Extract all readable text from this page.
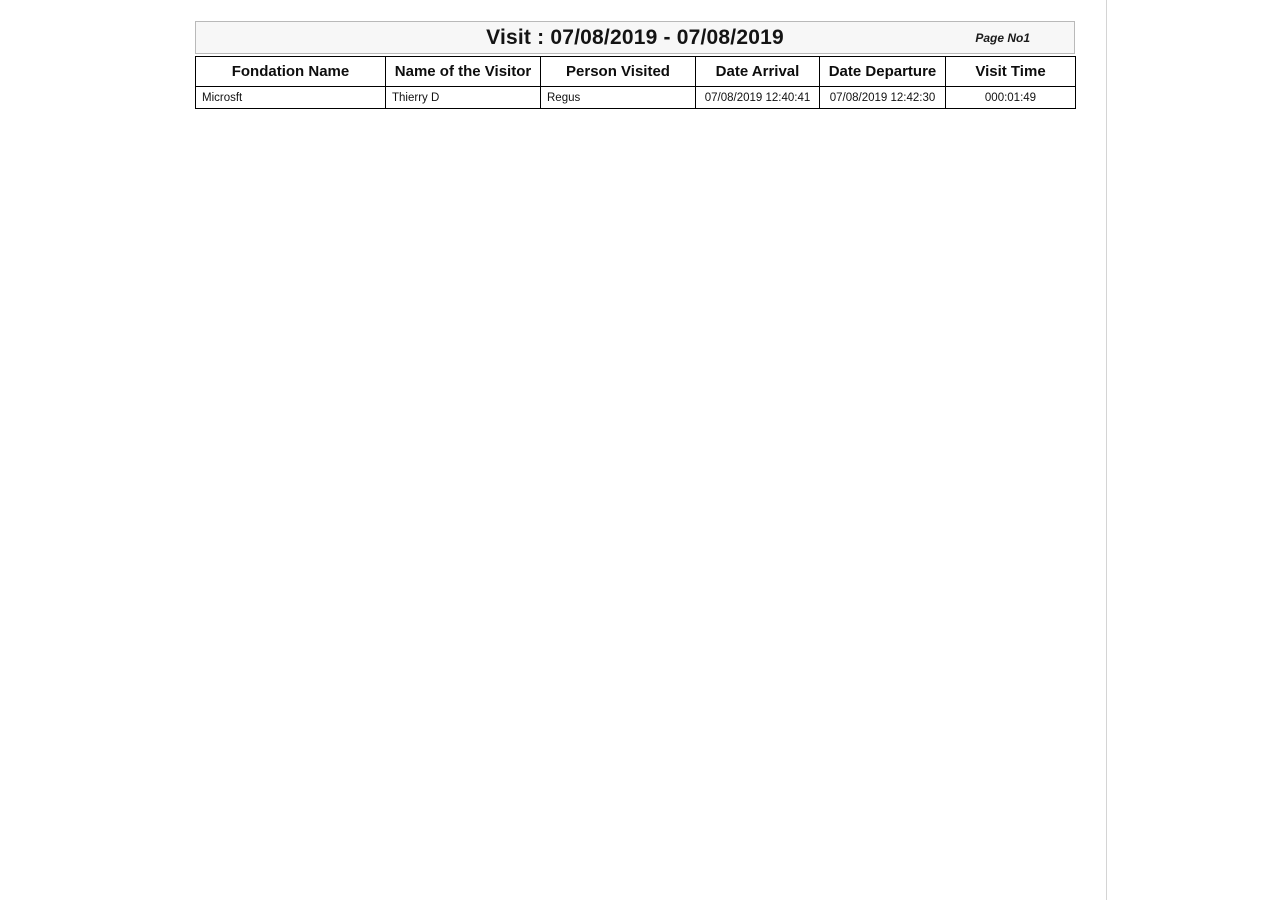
Visit : 07/08/2019 - 07/08/2019	Page No1
Fondation Name	Name of the Visitor	Person Visited	Date Arrival	Date Departure	Visit Time
Microsft	Thierry D	Regus	07/08/2019 12:40:41	07/08/2019 12:42:30	000:01:49
